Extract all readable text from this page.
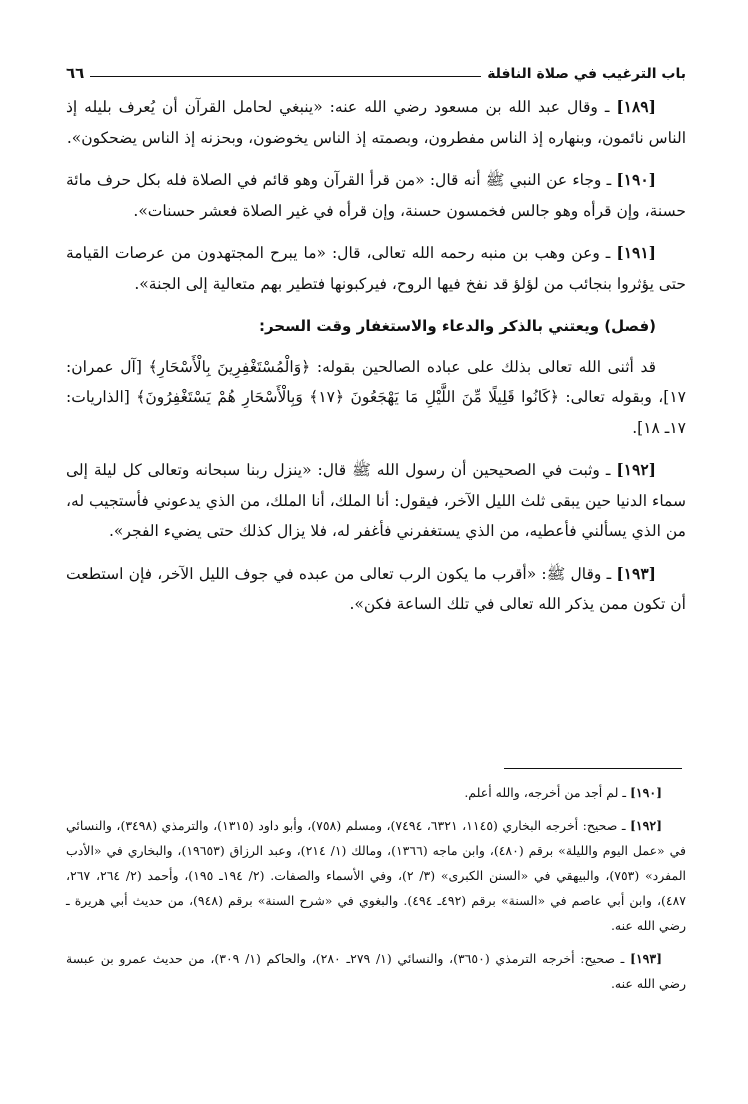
باب الترغيب في صلاة النافلة
٦٦

[١٨٩] ـ وقال عبد الله بن مسعود رضي الله عنه: «ينبغي لحامل القرآن أن يُعرف بليله إذ الناس نائمون، وبنهاره إذ الناس مفطرون، وبصمته إذ الناس يخوضون، وبحزنه إذ الناس يضحكون».

[١٩٠] ـ وجاء عن النبي ﷺ أنه قال: «من قرأ القرآن وهو قائم في الصلاة فله بكل حرف مائة حسنة، وإن قرأه وهو جالس فخمسون حسنة، وإن قرأه في غير الصلاة فعشر حسنات».

[١٩١] ـ وعن وهب بن منبه رحمه الله تعالى، قال: «ما يبرح المجتهدون من عرصات القيامة حتى يؤثروا بنجائب من لؤلؤ قد نفخ فيها الروح، فيركبونها فتطير بهم متعالية إلى الجنة».

(فصل) ويعتني بالذكر والدعاء والاستغفار وقت السحر:

قد أثنى الله تعالى بذلك على عباده الصالحين بقوله: ﴿وَالْمُسْتَغْفِرِينَ بِالْأَسْحَارِ﴾ [آل عمران: ١٧]، وبقوله تعالى: ﴿كَانُوا قَلِيلًا مِّنَ اللَّيْلِ مَا يَهْجَعُونَ ﴿١٧﴾ وَبِالْأَسْحَارِ هُمْ يَسْتَغْفِرُونَ﴾ [الذاريات: ١٧ـ ١٨].

[١٩٢] ـ وثبت في الصحيحين أن رسول الله ﷺ قال: «ينزل ربنا سبحانه وتعالى كل ليلة إلى سماء الدنيا حين يبقى ثلث الليل الآخر، فيقول: أنا الملك، أنا الملك، من الذي يدعوني فأستجيب له، من الذي يسألني فأعطيه، من الذي يستغفرني فأغفر له، فلا يزال كذلك حتى يضيء الفجر».

[١٩٣] ـ وقال ﷺ: «أقرب ما يكون الرب تعالى من عبده في جوف الليل الآخر، فإن استطعت أن تكون ممن يذكر الله تعالى في تلك الساعة فكن».

[١٩٠] ـ لم أجد من أخرجه، والله أعلم.

[١٩٢] ـ صحيح: أخرجه البخاري (١١٤٥، ٦٣٢١، ٧٤٩٤)، ومسلم (٧٥٨)، وأبو داود (١٣١٥)، والترمذي (٣٤٩٨)، والنسائي في «عمل اليوم والليلة» برقم (٤٨٠)، وابن ماجه (١٣٦٦)، ومالك (١/ ٢١٤)، وعبد الرزاق (١٩٦٥٣)، والبخاري في «الأدب المفرد» (٧٥٣)، والبيهقي في «السنن الكبرى» (٣/ ٢)، وفي الأسماء والصفات. (٢/ ١٩٤ـ ١٩٥)، وأحمد (٢/ ٢٦٤، ٢٦٧، ٤٨٧)، وابن أبي عاصم في «السنة» برقم (٤٩٢ـ ٤٩٤). والبغوي في «شرح السنة» برقم (٩٤٨)، من حديث أبي هريرة ـ رضي الله عنه.

[١٩٣] ـ صحيح: أخرجه الترمذي (٣٦٥٠)، والنسائي (١/ ٢٧٩ـ ٢٨٠)، والحاكم (١/ ٣٠٩)، من حديث عمرو بن عبسة رضي الله عنه.
